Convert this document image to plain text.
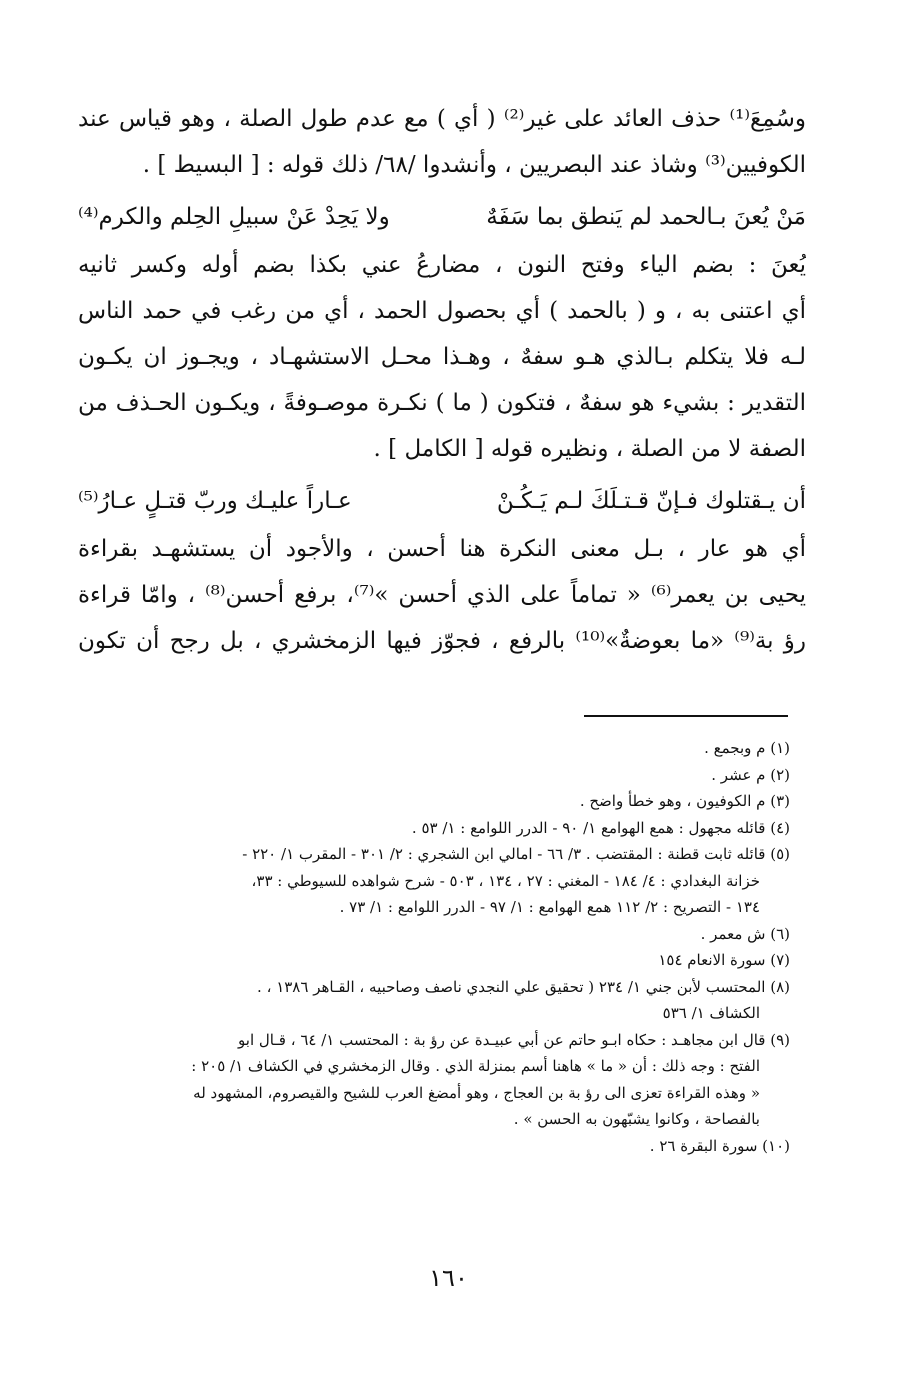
وسُمِعَ⁽¹⁾ حذف العائد على غير⁽²⁾ ( أي ) مع عدم طول الصلة ، وهو قياس عند
الكوفيين⁽³⁾ وشاذ عند البصريين ، وأنشدوا /٦٨/ ذلك قوله : [ البسيط ] .
مَنْ يُعنَ بـالحمد لم يَنطق بما سَفَهٌ
ولا يَحِدْ عَنْ سبيلِ الحِلم والكرم⁽⁴⁾
يُعنَ : بضم الياء وفتح النون ، مضارعُ عني بكذا بضم أوله وكسر ثانيه
أي اعتنى به ، و ( بالحمد ) أي بحصول الحمد ، أي من رغب في حمد الناس
لـه فلا يتكلم بـالذي هـو سفهٌ ، وهـذا محـل الاستشهـاد ، ويجـوز ان يكـون
التقدير : بشيء هو سفهٌ ، فتكون ( ما ) نكـرة موصـوفةً ، ويكـون الحـذف من
الصفة لا من الصلة ، ونظيره قوله [ الكامل ] .
أن يـقتلوك فـإنّ قـتـلَكَ لـم يَـكُـنْ
عـاراً عليـك وربّ قتـلٍ عـارُ⁽⁵⁾
أي هو عار ، بـل معنى النكرة هنا أحسن ، والأجود أن يستشهـد بقراءة
يحيى بن يعمر⁽⁶⁾ « تماماً على الذي أحسن »⁽⁷⁾، برفع أحسن⁽⁸⁾ ، وامّا قراءة
رؤ بة⁽⁹⁾ «ما بعوضةٌ»⁽¹⁰⁾ بالرفع ، فجوّز فيها الزمخشري ، بل رجح أن تكون
(١) م وبجمع .
(٢) م عشر .
(٣) م الكوفيون ، وهو خطأ واضح .
(٤) قائله مجهول : همع الهوامع ١/ ٩٠ - الدرر اللوامع : ١/ ٥٣ .
(٥) قائله ثابت قطنة : المقتضب . ٣/ ٦٦ - امالي ابن الشجري : ٢/ ٣٠١ - المقرب ١/ ٢٢٠ -
خزانة البغدادي : ٤/ ١٨٤ - المغني : ٢٧ ، ١٣٤ ، ٥٠٣ - شرح شواهده للسيوطي : ٣٣،
١٣٤ - التصريح : ٢/ ١١٢ همع الهوامع : ١/ ٩٧ - الدرر اللوامع : ١/ ٧٣ .
(٦) ش معمر .
(٧) سورة الانعام ١٥٤
(٨) المحتسب لأبن جني ١/ ٢٣٤ ( تحقيق علي النجدي ناصف وصاحبيه ، القـاهر ١٣٨٦ ، .
الكشاف ١/ ٥٣٦
(٩) قال ابن مجاهـد : حكاه ابـو حاتم عن أبي عبيـدة عن رؤ بة : المحتسب ١/ ٦٤ ، قـال ابو
الفتح : وجه ذلك : أن « ما » هاهنا أسم بمنزلة الذي . وقال الزمخشري في الكشاف ١/ ٢٠٥ :
« وهذه القراءة تعزى الى رؤ بة بن العجاج ، وهو أمضغ العرب للشيح والقيصروم، المشهود له
بالفصاحة ، وكانوا يشبّهون به الحسن » .
(١٠) سورة البقرة ٢٦ .
١٦٠
